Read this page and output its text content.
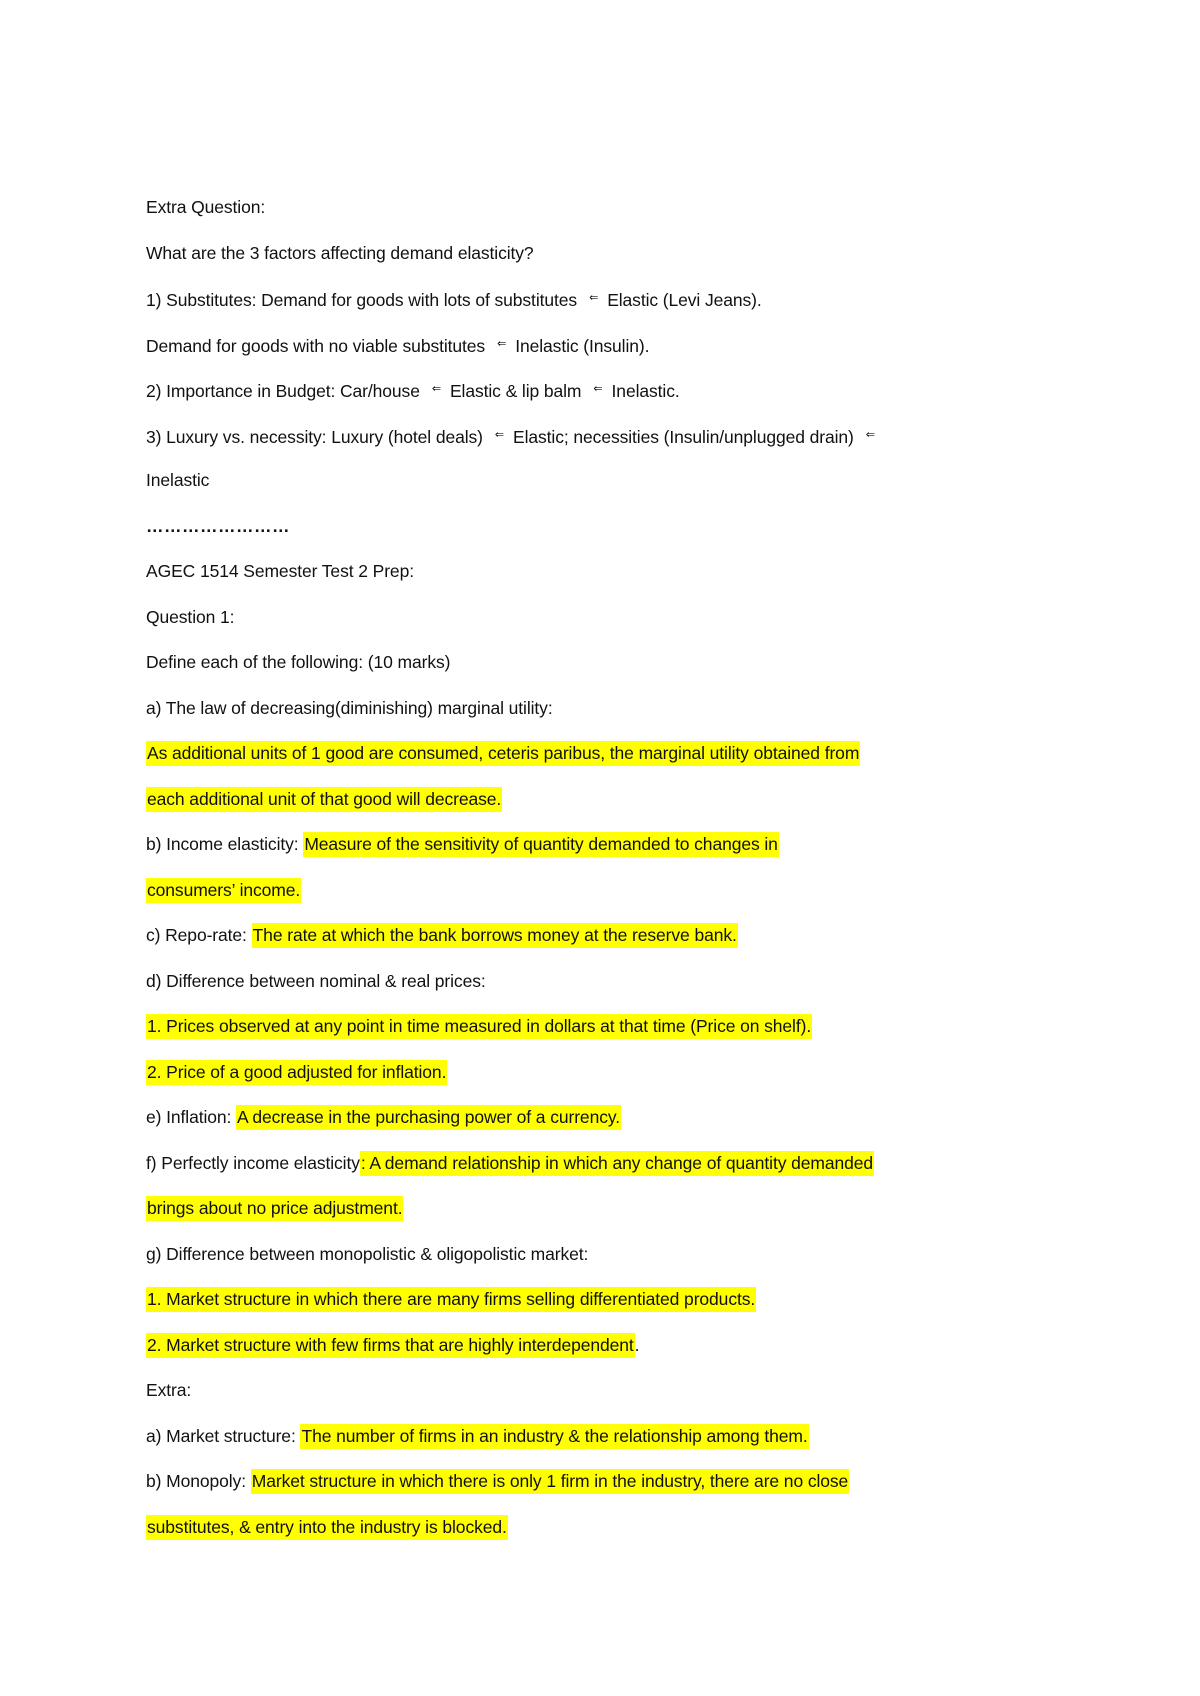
Extra Question:
What are the 3 factors affecting demand elasticity?
1) Substitutes: Demand for goods with lots of substitutes ⇐ Elastic (Levi Jeans).
Demand for goods with no viable substitutes ⇐ Inelastic (Insulin).
2) Importance in Budget: Car/house ⇐ Elastic & lip balm ⇐ Inelastic.
3) Luxury vs. necessity: Luxury (hotel deals) ⇐ Elastic; necessities (Insulin/unplugged drain) ⇐
Inelastic
……………………
AGEC 1514 Semester Test 2 Prep:
Question 1:
Define each of the following: (10 marks)
a) The law of decreasing(diminishing) marginal utility:
As additional units of 1 good are consumed, ceteris paribus, the marginal utility obtained from
each additional unit of that good will decrease.
b) Income elasticity: Measure of the sensitivity of quantity demanded to changes in
consumers’ income.
c) Repo-rate: The rate at which the bank borrows money at the reserve bank.
d) Difference between nominal & real prices:
1. Prices observed at any point in time measured in dollars at that time (Price on shelf).
2. Price of a good adjusted for inflation.
e) Inflation: A decrease in the purchasing power of a currency.
f) Perfectly income elasticity: A demand relationship in which any change of quantity demanded
brings about no price adjustment.
g) Difference between monopolistic & oligopolistic market:
1. Market structure in which there are many firms selling differentiated products.
2. Market structure with few firms that are highly interdependent.
Extra:
a) Market structure: The number of firms in an industry & the relationship among them.
b) Monopoly: Market structure in which there is only 1 firm in the industry, there are no close
substitutes, & entry into the industry is blocked.
